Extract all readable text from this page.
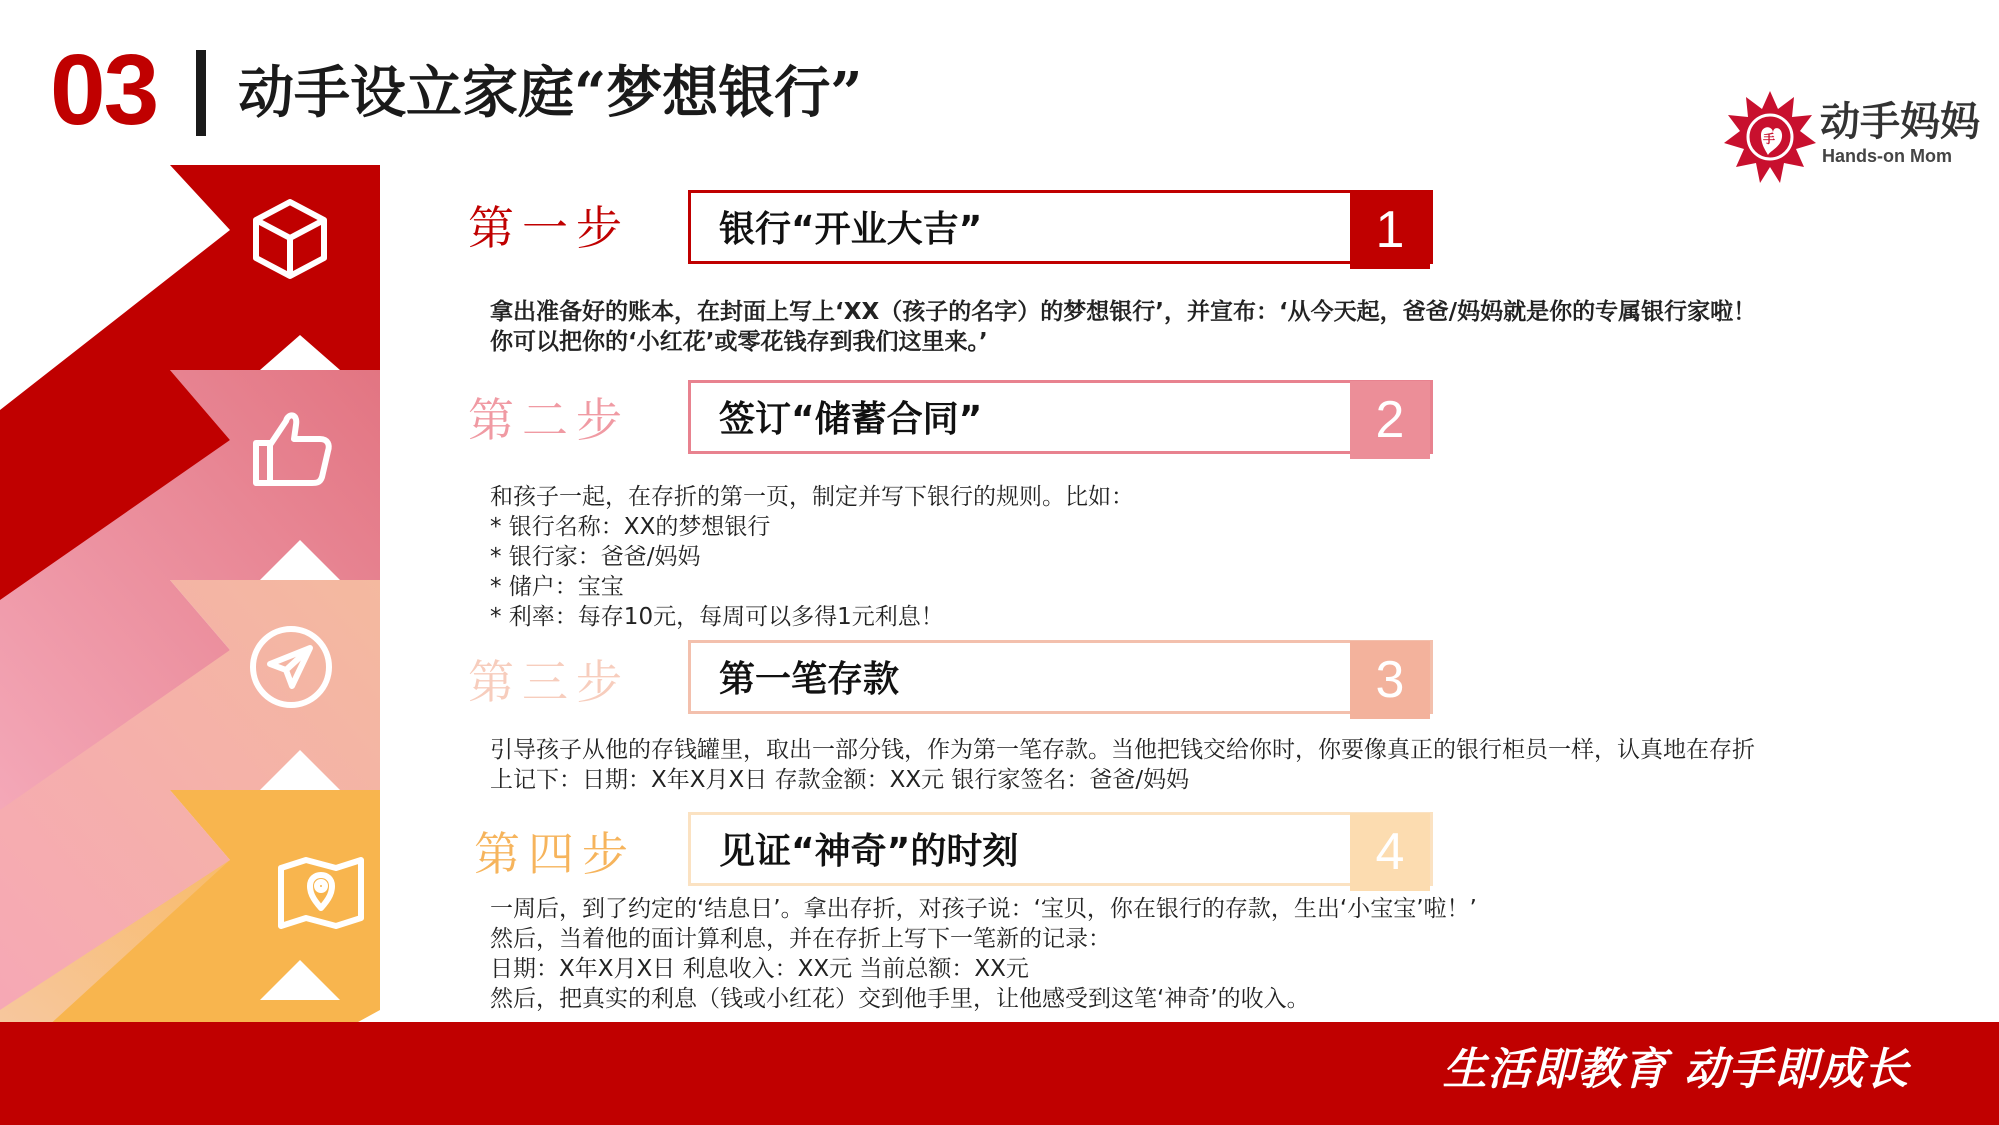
03 动手设立家庭“梦想银行”
手 动手妈妈
Hands-on Mom
第一步 银行“开业大吉”	1
拿出准备好的账本，在封面上写上‘XX（孩子的名字）的梦想银行’，并宣布：‘从今天起，爸爸/妈妈就是你的专属银行家啦！
你可以把你的‘小红花’或零花钱存到我们这里来。’
第二步 签订“储蓄合同”	2
和孩子一起，在存折的第一页，制定并写下银行的规则。比如：
* 银行名称：XX的梦想银行
* 银行家：爸爸/妈妈
* 储户：宝宝
* 利率：每存10元，每周可以多得1元利息！
第三步 第一笔存款	3
引导孩子从他的存钱罐里，取出一部分钱，作为第一笔存款。当他把钱交给你时，你要像真正的银行柜员一样，认真地在存折
上记下：日期：X年X月X日 存款金额：XX元 银行家签名：爸爸/妈妈
第四步 见证“神奇”的时刻	4
一周后，到了约定的‘结息日’。拿出存折，对孩子说：‘宝贝，你在银行的存款，生出‘小宝宝’啦！’
然后，当着他的面计算利息，并在存折上写下一笔新的记录：
日期：X年X月X日 利息收入：XX元 当前总额：XX元
然后，把真实的利息（钱或小红花）交到他手里，让他感受到这笔‘神奇’的收入。
生活即教育 动手即成长
